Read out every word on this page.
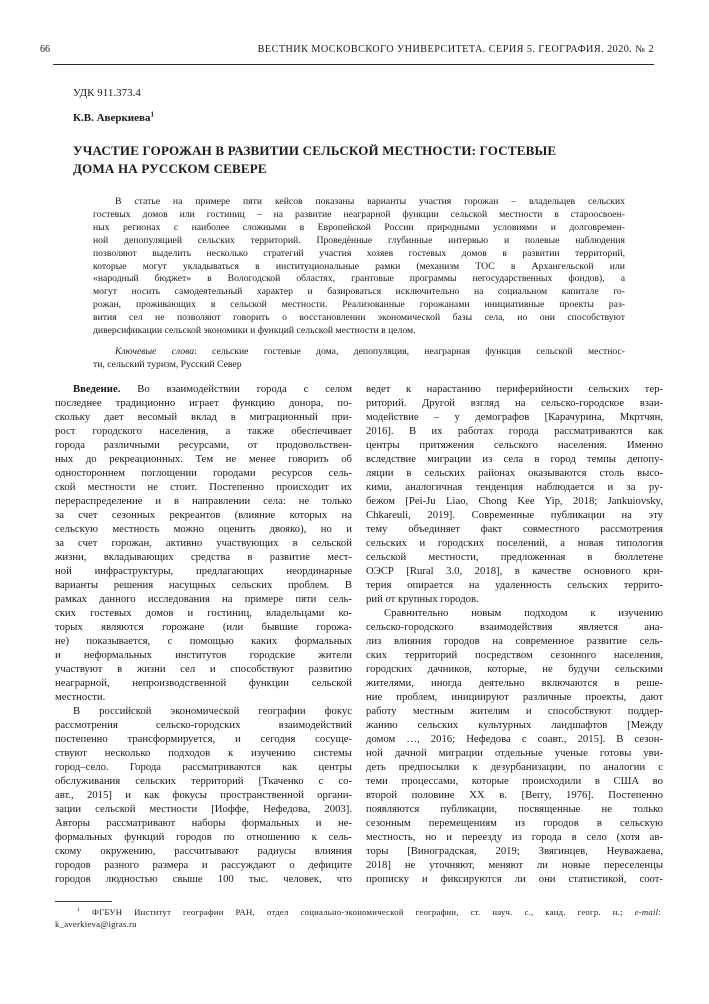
66	ВЕСТНИК МОСКОВСКОГО УНИВЕРСИТЕТА. СЕРИЯ 5. ГЕОГРАФИЯ. 2020. № 2
УДК 911.373.4
К.В. Аверкиева$^1$
УЧАСТИЕ ГОРОЖАН В РАЗВИТИИ СЕЛЬСКОЙ МЕСТНОСТИ: ГОСТЕВЫЕ
ДОМА НА РУССКОМ СЕВЕРЕ
В статье на примере пяти кейсов показаны варианты участия горожан – владельцев сельских
гостевых домов или гостиниц – на развитие неаграрной функции сельской местности в староосвоен-
ных регионах с наиболее сложными в Европейской России природными условиями и долговремен-
ной депопуляцией сельских территорий. Проведённые глубинные интервью и полевые наблюдения
позволяют выделить несколько стратегий участия хозяев гостевых домов в развитии территорий,
которые могут укладываться в институциональные рамки (механизм ТОС в Архангельской или
«народный бюджет» в Вологодской областях, грантовые программы негосударственных фондов), а
могут носить самодеятельный характер и базироваться исключительно на социальном капитале го-
рожан, проживающих в сельской местности. Реализованные горожанами инициативные проекты раз-
вития сел не позволяют говорить о восстановлении экономической базы села, но они способствуют
диверсификации сельской экономики и функций сельской местности в целом.
Ключевые слова: сельские гостевые дома, депопуляция, неаграрная функция сельской местнос-
ти, сельский туризм, Русский Север
Введение. Во взаимодействии города с селом
последнее традиционно играет функцию донора, по-
скольку дает весомый вклад в миграционный при-
рост городского населения, а также обеспечивает
города различными ресурсами, от продовольствен-
ных до рекреационных. Тем не менее говорить об
одностороннем поглощении городами ресурсов сель-
ской местности не стоит. Постепенно происходит их
перераспределение и в направлении села: не только
за счет сезонных рекреантов (влияние которых на
сельскую местность можно оценить двояко), но и
за счет горожан, активно участвующих в сельской
жизни, вкладывающих средства в развитие мест-
ной инфраструктуры, предлагающих неординарные
варианты решения насущных сельских проблем. В
рамках данного исследования на примере пяти сель-
ских гостевых домов и гостиниц, владельцами ко-
торых являются горожане (или бывшие горожа-
не) показывается, с помощью каких формальных
и неформальных институтов городские жители
участвуют в жизни сел и способствуют развитию
неаграрной, непроизводственной функции сельской
местности.
В российской экономической географии фокус
рассмотрения сельско-городских взаимодействий
постепенно трансформируется, и сегодня сосуще-
ствуют несколько подходов к изучению системы
город–село. Города рассматриваются как центры
обслуживания сельских территорий [Ткаченко с со-
авт., 2015] и как фокусы пространственной органи-
зации сельской местности [Иоффе, Нефедова, 2003].
Авторы рассматривают наборы формальных и не-
формальных функций городов по отношению к сель-
скому окружению, рассчитывают радиусы влияния
городов разного размера и рассуждают о дефиците
городов людностью свыше 100 тыс. человек, что
ведет к нарастанию периферийности сельских тер-
риторий. Другой взгляд на сельско-городское взаи-
модействие – у демографов [Карачурина, Мкртчян,
2016]. В их работах города рассматриваются как
центры притяжения сельского населения. Именно
вследствие миграции из села в город темпы депопу-
ляции в сельских районах оказываются столь высо-
кими, аналогичная тенденция наблюдается и за ру-
бежом [Pei-Ju Liao, Chong Kee Yip, 2018; Jankuiovsky,
Chkareuli, 2019]. Современные публикации на эту
тему объединяет факт совместного рассмотрения
сельских и городских поселений, а новая типология
сельской местности, предложенная в бюллетене
ОЭСР [Rural 3.0, 2018], в качестве основного кри-
терия опирается на удаленность сельских террито-
рий от крупных городов.
Сравнительно новым подходом к изучению
сельско-городского взаимодействия является ана-
лиз влияния городов на современное развитие сель-
ских территорий посредством сезонного населения,
городских дачников, которые, не будучи сельскими
жителями, иногда деятельно включаются в реше-
ние проблем, инициируют различные проекты, дают
работу местным жителям и способствуют поддер-
жанию сельских культурных ландшафтов [Между
домом …, 2016; Нефедова с соавт., 2015]. В сезон-
ной дачной миграции отдельные ученые готовы уви-
деть предпосылки к дезурбанизации, по аналогии с
теми процессами, которые происходили в США во
второй половине XX в. [Berry, 1976]. Постепенно
появляются публикации, посвященные не только
сезонным перемещениям из городов в сельскую
местность, но и переезду из города в село (хотя ав-
торы [Виноградская, 2019; Звягинцев, Неуважаева,
2018] не уточняют, меняют ли новые переселенцы
прописку и фиксируются ли они статистикой, соот-
$^1$ ФГБУН Институт географии РАН, отдел социально-экономической географии, ст. науч. с., канд. геогр. н.; e-mail:
k_averkieva@igras.ru
